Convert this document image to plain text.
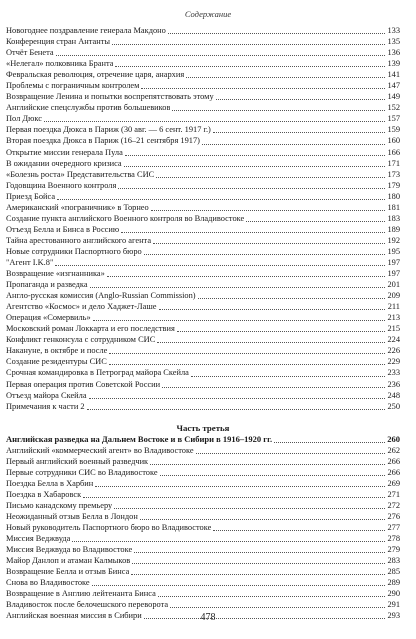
Содержание
Новогоднее поздравление генерала Макдоно	133
Конференция стран Антанты	135
Отчёт Бенета	136
«Нелегал» полковника Бранта	139
Февральская революция, отречение царя, анархия	141
Проблемы с пограничным контролем	147
Возвращение Ленина и попытки воспрепятствовать этому	149
Английские спецслужбы против большевиков	152
Пол Дюкс	157
Первая поездка Дюкса в Париж (30 авг. — 6 сент. 1917 г.)	159
Вторая поездка Дюкса в Париж (16–21 сентября 1917)	160
Открытие миссии генерала Пула	166
В ожидании очередного кризиса	171
«Болезнь роста» Представительства СИС	173
Годовщина Военного контроля	179
Приезд Бойса	180
Американский «пограничник» в Торнео	181
Создание пункта английского Военного контроля во Владивостоке	183
Отъезд Белла и Бинса в Россию	189
Тайна арестованного английского агента	192
Новые сотрудники Паспортного бюро	195
"Агент I.K.8"	197
Возвращение «изгнанника»	197
Пропаганда и разведка	201
Англо-русская комиссия (Anglo-Russian Commission)	209
Агентство «Космос» и дело Хаджет-Лаше	211
Операция «Сомервиль»	213
Московский роман Локкарта и его последствия	215
Конфликт генконсула с сотрудником СИС	224
Накануне, в октябре и после	226
Создание резидентуры СИС	229
Срочная командировка в Петроград майора Скейла	233
Первая операция против Советской России	236
Отъезд майора Скейла	248
Примечания к части 2	250
Часть третья
Английская разведка на Дальнем Востоке и в Сибири в 1916–1920 гг.	260
Английский «коммерческий агент» во Владивостоке	262
Первый английский военный разведчик	266
Первые сотрудники СИС во Владивостоке	266
Поездка Белла в Харбин	269
Поездка в Хабаровск	271
Письмо канадскому премьеру	272
Неожиданный отзыв Белла в Лондон	276
Новый руководитель Паспортного бюро во Владивостоке	277
Миссия Веджвуда	278
Миссия Веджвуда во Владивостоке	279
Майор Данлоп и атаман Калмыков	283
Возвращение Белла и отзыв Бинса	285
Снова во Владивостоке	289
Возвращение в Англию лейтенанта Бинса	290
Владивосток после белочешского переворота	291
Английская военная миссия в Сибири	293
478
